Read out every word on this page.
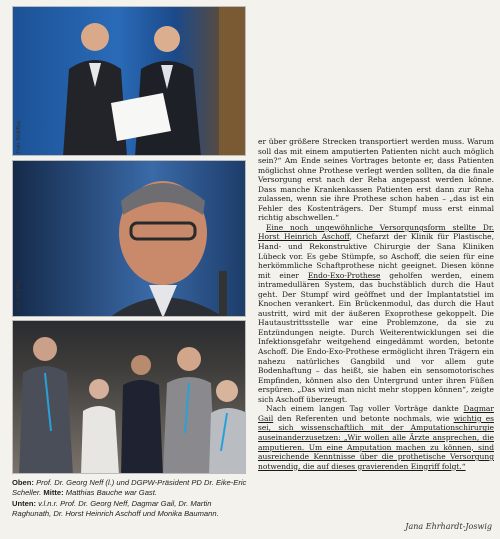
Foto: Bildt/Bay
Foto: Bildt/Bay
Oben: Prof. Dr. Georg Neff (l.) und DGPW-Präsident PD Dr. Eike-Eric Scheller. Mitte: Matthias Bauche war Gast.
Unten: v.l.n.r. Prof. Dr. Georg Neff, Dagmar Gail, Dr. Martin Raghunath, Dr. Horst Heinrich Aschoff und Monika Baumann.

er über größere Strecken transportiert werden muss. Warum soll das mit einem amputierten Patienten nicht auch möglich sein?“ Am Ende seines Vortrages betonte er, dass Patienten möglichst ohne Prothese verlegt werden sollten, da die finale Versorgung erst nach der Reha angepasst werden könne. Dass manche Krankenkassen Patienten erst dann zur Reha zulassen, wenn sie ihre Prothese schon haben – „das ist ein Fehler des Kostenträgers. Der Stumpf muss erst einmal richtig abschwellen.“

Eine noch ungewöhnliche Versorgungsform stellte Dr. Horst Heinrich Aschoff, Chefarzt der Klinik für Plastische, Hand- und Rekonstruktive Chirurgie der Sana Kliniken Lübeck vor. Es gebe Stümpfe, so Aschoff, die seien für eine herkömmliche Schaftprothese nicht geeignet. Diesen könne mit einer Endo-Exo-Prothese geholfen werden, einem intramedullären System, das buchstäblich durch die Haut geht. Der Stumpf wird geöffnet und der Implantatstiel im Knochen verankert. Ein Brückenmodul, das durch die Haut austritt, wird mit der äußeren Exoprothese gekoppelt. Die Hautaustrittsstelle war eine Problemzone, da sie zu Entzündungen neigte. Durch Weiterentwicklungen sei die Infektionsgefahr weitgehend eingedämmt worden, betonte Aschoff. Die Endo-Exo-Prothese ermöglicht ihren Trägern ein nahezu natürliches Gangbild und vor allem gute Bodenhaftung – das heißt, sie haben ein sensomotorisches Empfinden, können also den Untergrund unter ihren Füßen erspüren. „Das wird man nicht mehr stoppen können“, zeigte sich Aschoff überzeugt.

Nach einem langen Tag voller Vorträge dankte Dagmar Gail den Referenten und betonte nochmals, wie wichtig es sei, sich wissenschaftlich mit der Amputationschirurgie auseinanderzusetzen: „Wir wollen alle Ärzte ansprechen, die amputieren. Um eine Amputation machen zu können, sind ausreichende Kenntnisse über die prothetische Versorgung notwendig, die auf dieses gravierenden Eingriff folgt.“

Jana Ehrhardt-Joswig
